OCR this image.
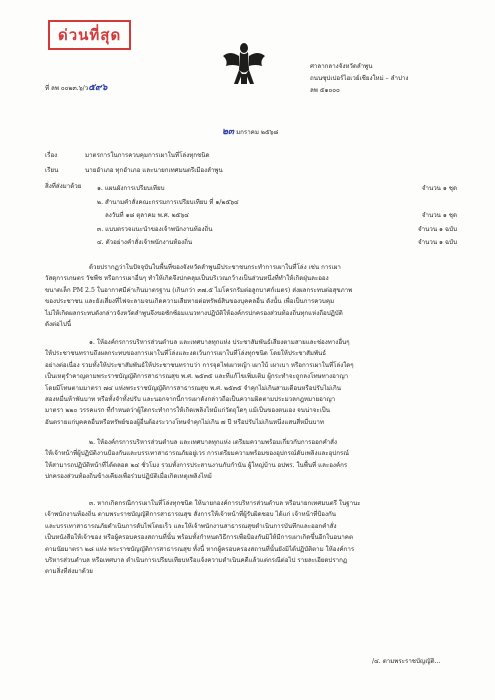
ด่วนที่สุด
ที่ ลพ ๐๐๒๓.๖/ว๕๙๖
ศาลากลางจังหวัดลำพูน
ถนนซุปเปอร์ไฮเวย์เชียงใหม่ – ลำปาง
ลพ ๕๑๐๐๐
๒๓ มกราคม ๒๕๖๘
เรื่อง	มาตรการในการควบคุมการเผาในที่โล่งทุกชนิด
เรียน	นายอำเภอ ทุกอำเภอ และนายกเทศมนตรีเมืองลำพูน
สิ่งที่ส่งมาด้วย	๑. แผนผังการเปรียบเทียบ	จำนวน ๑ ชุด
๒. สำนามคำสั่งคณะกรรมการเปรียบเทียบ ที่ ๑/๒๕๖๔
ลงวันที่ ๑๘ ตุลาคม พ.ศ. ๒๕๖๔	จำนวน ๑ ชุด
๓. แบบตรวจแนะนำของเจ้าพนักงานท้องถิ่น	จำนวน ๑ ฉบับ
๔. ตัวอย่างคำสั่งเจ้าพนักงานท้องถิ่น	จำนวน ๑ ฉบับ
ด้วยปรากฏว่าในปัจจุบันในพื้นที่ของจังหวัดลำพูนมีประชาชนกระทำการเผาในที่โล่ง เช่น การเผา
วัสดุการเกษตร วัชพืช หรือการเผาอื่นๆ ทำให้เกิดจึงปกคลุมเป็นบริเวณกว้างเป็นส่วนหนึ่งที่ทำให้เกิดฝุ่นละออง
ขนาดเล็ก PM 2.5 ในอากาศมีค่าเกินมาตรฐาน (เกินกว่า ๓๗.๕ ไมโครกรัมต่อลูกบาศก์เมตร) ส่งผลกระทบต่อสุขภาพ
ของประชาชน และยังเสี่ยงที่ไฟจะลามจนเกิดความเสียหายต่อทรัพย์สินของบุคคลอื่น ดังนั้น เพื่อเป็นการควบคุม
ไม่ให้เกิดผลกระทบดังกล่าวจังหวัดลำพูนจึงขอซักซ้อมแนวทางปฏิบัติให้องค์กรปกครองส่วนท้องถิ่นทุกแห่งถือปฏิบัติ
ดังต่อไปนี้
๑. ให้องค์กรการบริหารส่วนตำบล และเทศบาลทุกแห่ง ประชาสัมพันธ์เสียงตามสายและช่องทางอื่นๆ
ให้ประชาชนทราบถึงผลกระทบของการเผาในที่โล่งและงดเว้นการเผาในที่โล่งทุกชนิด โดยให้ประชาสัมพันธ์
อย่างต่อเนื่อง รวมทั้งให้ประชาสัมพันธ์ให้ประชาชนทราบว่า การจุดไฟเผาหญ้า เผาใบ้ เผาเบา หรือการเผาในที่โล่งใดๆ
เป็นเหตุรำคาญตามพระราชบัญญัติการสาธารณสุข พ.ศ. ๒๕๓๕ และที่แก้ไขเพิ่มเติม ผู้กระทำจะถูกลงโทษทางอาญา
โดยมีโทษตามมาตรา ๗๔ แห่งพระราชบัญญัติการสาธารณสุข พ.ศ. ๒๕๓๕ จำคุกไม่เกินสามเดือนหรือปรับไม่เกิน
สองหมื่นห้าพันบาท หรือทั้งจำทั้งปรับ และนอกจากนี้การเผาดังกล่าวถือเป็นความผิดตามประมวลกฎหมายอาญา
มาตรา ๒๒๐ วรรคแรก ที่กำหนดว่าผู้ใดกระทำการให้เกิดเพลิงไหม้แก่วัตถุใดๆ แม้เป็นของตนเอง จนน่าจะเป็น
อันตรายแก่บุคคลอื่นหรือทรัพย์ของผู้อื่นต้องระวางโทษจำคุกไม่เกิน ๗ ปี หรือปรับไม่เกินหนึ่งแสนสี่หมื่นบาท
๒. ให้องค์กรการบริหารส่วนตำบล และเทศบาลทุกแห่ง เตรียมความพร้อมเกี่ยวกับการออกคำสั่ง
ให้เจ้าหน้าที่ผู้ปฏิบัติงานป้องกันและบรรเทาสาธารณภัยอยู่เวร การเตรียมความพร้อมของอุปกรณ์ดับเพลิงและอุปกรณ์
ให้สามารถปฏิบัติหน้าที่ได้ตลอด ๒๔ ชั่วโมง รวมทั้งการประสานงานกับกำนัน ผู้ใหญ่บ้าน อปพร. ในพื้นที่ และองค์กร
ปกครองส่วนท้องถิ่นข้างเคียงเพื่อร่วมปฏิบัติเมื่อเกิดเหตุเพลิงไหม้
๓. หากเกิดกรณีการเผาในที่โล่งทุกชนิด ให้นายกองค์การบริหารส่วนตำบล หรือนายกเทศมนตรี ในฐานะ
เจ้าพนักงานท้องถิ่น ตามพระราชบัญญัติการสาธารณสุข สั่งการให้เจ้าหน้าที่ผู้รับผิดชอบ ได้แก่ เจ้าหน้าที่ป้องกัน
และบรรเทาสาธารณภัยดำเนินการดับไฟโดยเร็ว และให้เจ้าพนักงานสาธารณสุขดำเนินการบันทึกและออกคำสั่ง
เป็นหนังสือให้เจ้าของ หรือผู้ครอบครองสถานที่นั้น พร้อมทั้งกำหนดวิธีการเพื่อป้องกันมิให้มีการเผาเกิดขึ้นอีกในอนาคต
ตามนัยมาตรา ๒๘ แห่ง พระราชบัญญัติการสาธารณสุข ทั้งนี้ หากผู้ครอบครองสถานที่นั้นยังมิได้ปฏิบัติตาม ให้องค์การ
บริหารส่วนตำบล หรือเทศบาล ดำเนินการเปรียบเทียบหรือแจ้งความดำเนินคดีแล้วแต่กรณีต่อไป รายละเอียดปรากฏ
ตามสิ่งที่ส่งมาด้วย
/๔. ตามพระราชบัญญัติ...
